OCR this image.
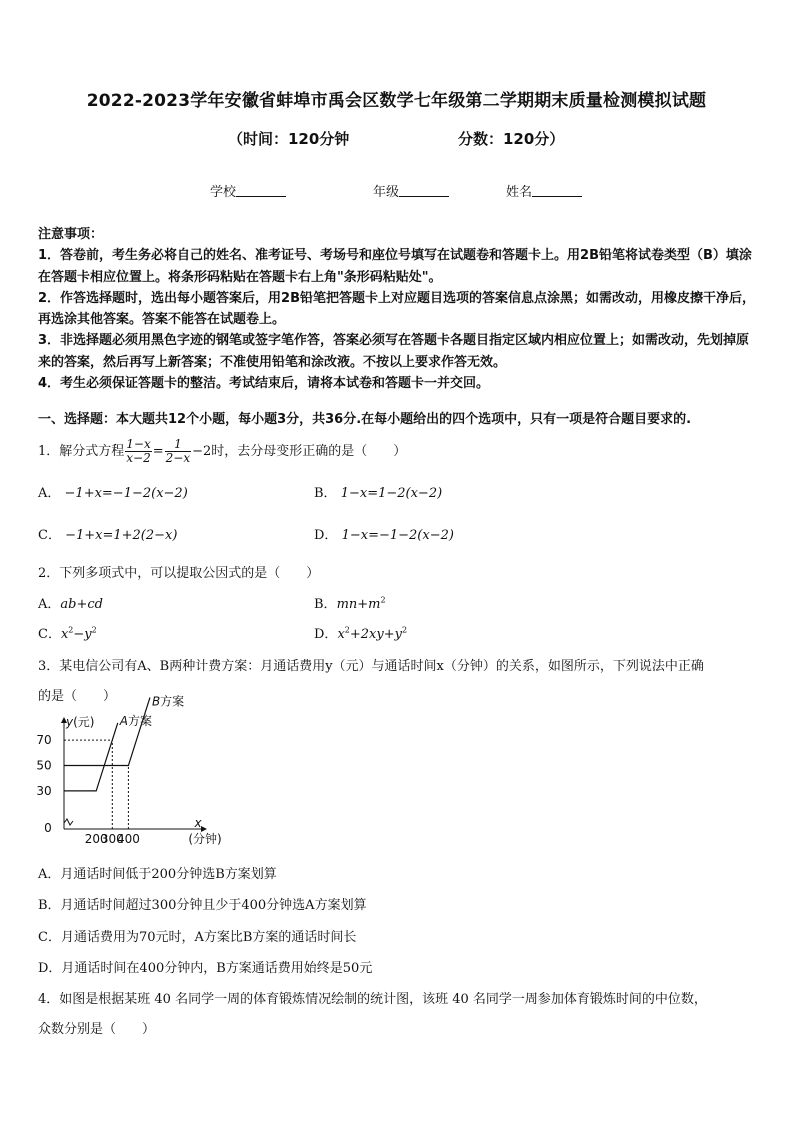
2022-2023学年安徽省蚌埠市禹会区数学七年级第二学期期末质量检测模拟试题
（时间：120分钟	分数：120分）
学校	年级	姓名

注意事项：

1．答卷前，考生务必将自己的姓名、准考证号、考场号和座位号填写在试题卷和答题卡上。用2B铅笔将试卷类型（B）填涂在答题卡相应位置上。将条形码粘贴在答题卡右上角"条形码粘贴处"。

2．作答选择题时，选出每小题答案后，用2B铅笔把答题卡上对应题目选项的答案信息点涂黑；如需改动，用橡皮擦干净后，再选涂其他答案。答案不能答在试题卷上。

3．非选择题必须用黑色字迹的钢笔或签字笔作答，答案必须写在答题卡各题目指定区域内相应位置上；如需改动，先划掉原来的答案，然后再写上新答案；不准使用铅笔和涂改液。不按以上要求作答无效。

4．考生必须保证答题卡的整洁。考试结束后，请将本试卷和答题卡一并交回。

一、选择题：本大题共12个小题，每小题3分，共36分.在每小题给出的四个选项中，只有一项是符合题目要求的.
1．解分式方程 $\frac{1-x}{x-2} = \frac{1}{2-x} -2$时，去分母变形正确的是（　　）
A． −1+x=−1−2(x−2)	B． 1−x=1−2(x−2)
C． −1+x=1+2(2−x)	D． 1−x=−1−2(x−2)
2．下列多项式中，可以提取公因式的是（　　）
A．ab+cd	B．$mn+m^2$
C．$x^2-y^2$	D．$x^2+2xy+y^2$
3．某电信公司有A、B两种计费方案：月通话费用y（元）与通话时间x（分钟）的关系，如图所示，下列说法中正确
的是（　　）
y(元)
x
(分钟)
0
200
300
400
30
50
70
A方案
B方案
A．月通话时间低于200分钟选B方案划算
B．月通话时间超过300分钟且少于400分钟选A方案划算
C．月通话费用为70元时，A方案比B方案的通话时间长
D．月通话时间在400分钟内，B方案通话费用始终是50元
4．如图是根据某班 40 名同学一周的体育锻炼情况绘制的统计图，该班 40 名同学一周参加体育锻炼时间的中位数，
众数分别是（　　）
